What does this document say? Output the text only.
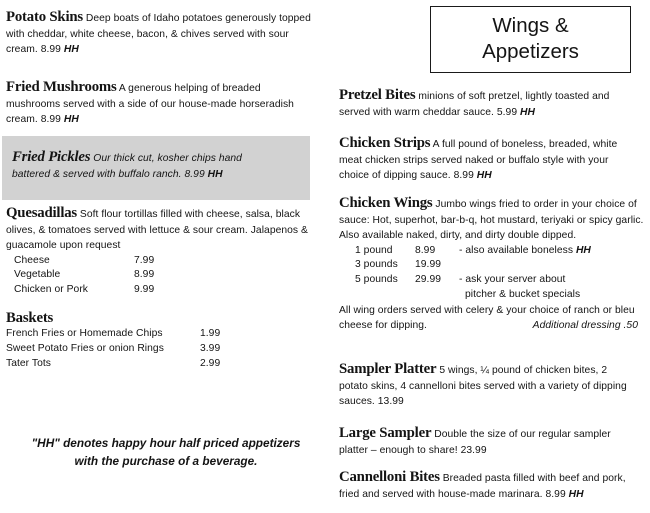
Potato Skins Deep boats of Idaho potatoes generously topped with cheddar, white cheese, bacon, & chives served with sour cream. 8.99 HH
Fried Mushrooms A generous helping of breaded mushrooms served with a side of our house-made horseradish cream. 8.99 HH
Fried Pickles Our thick cut, kosher chips hand battered & served with buffalo ranch. 8.99 HH
Quesadillas Soft flour tortillas filled with cheese, salsa, black olives, & tomatoes served with lettuce & sour cream. Jalapenos & guacamole upon request
Cheese	7.99
Vegetable	8.99
Chicken or Pork	9.99
Baskets
French Fries or Homemade Chips	1.99
Sweet Potato Fries or onion Rings	3.99
Tater Tots	2.99
"HH" denotes happy hour half priced appetizers
with the purchase of a beverage.
Wings &
Appetizers
Pretzel Bites minions of soft pretzel, lightly toasted and served with warm cheddar sauce. 5.99 HH
Chicken Strips A full pound of boneless, breaded, white meat chicken strips served naked or buffalo style with your choice of dipping sauce. 8.99 HH
Chicken Wings Jumbo wings fried to order in your choice of sauce: Hot, superhot, bar-b-q, hot mustard, teriyaki or spicy garlic. Also available naked, dirty, and dirty double dipped.
1 pound	8.99	- also available boneless HH
3 pounds	19.99	
5 pounds	29.99	- ask your server about
		pitcher & bucket specials
All wing orders served with celery & your choice of ranch or bleu cheese for dipping.	Additional dressing .50
Sampler Platter 5 wings, ¼ pound of chicken bites, 2 potato skins, 4 cannelloni bites served with a variety of dipping sauces. 13.99
Large Sampler Double the size of our regular sampler platter – enough to share! 23.99
Cannelloni Bites Breaded pasta filled with beef and pork, fried and served with house-made marinara. 8.99 HH
